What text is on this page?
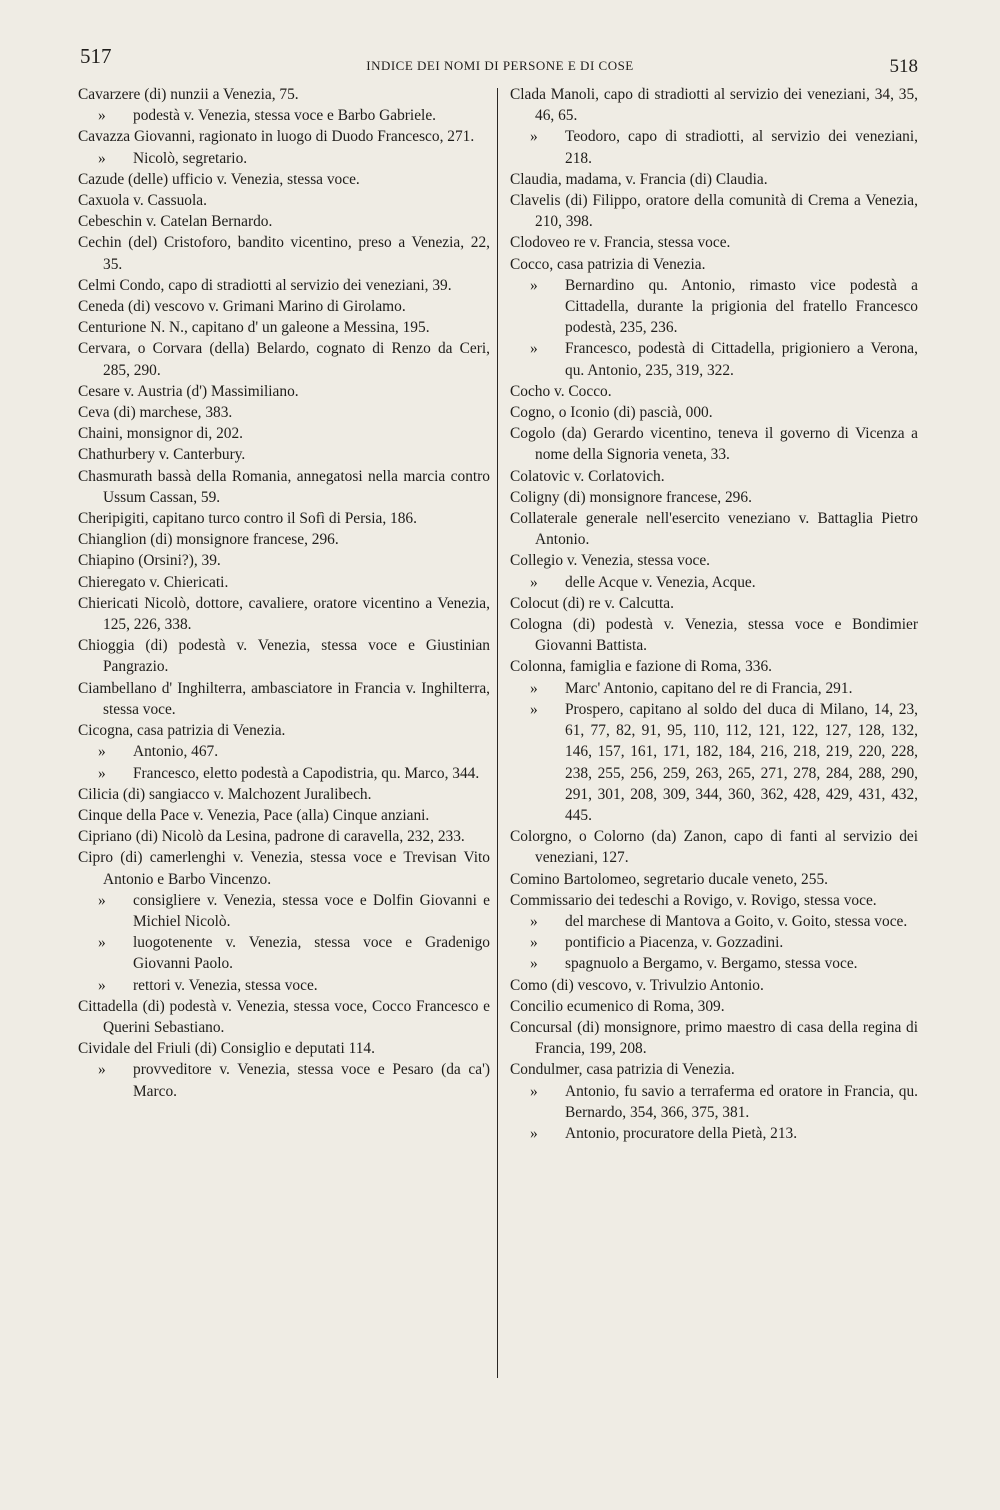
517	INDICE DEI NOMI DI PERSONE E DI COSE	518
Cavarzere (di) nunzii a Venezia, 75.
» podestà v. Venezia, stessa voce e Barbo Gabriele.
Cavazza Giovanni, ragionato in luogo di Duodo Francesco, 271.
» Nicolò, segretario.
Cazude (delle) ufficio v. Venezia, stessa voce.
Caxuola v. Cassuola.
Cebeschin v. Catelan Bernardo.
Cechin (del) Cristoforo, bandito vicentino, preso a Venezia, 22, 35.
Celmi Condo, capo di stradiotti al servizio dei veneziani, 39.
Ceneda (di) vescovo v. Grimani Marino di Girolamo.
Centurione N. N., capitano d' un galeone a Messina, 195.
Cervara, o Corvara (della) Belardo, cognato di Renzo da Ceri, 285, 290.
Cesare v. Austria (d') Massimiliano.
Ceva (di) marchese, 383.
Chaini, monsignor di, 202.
Chathurbery v. Canterbury.
Chasmurath bassà della Romania, annegatosi nella marcia contro Ussum Cassan, 59.
Cheripigiti, capitano turco contro il Sofì di Persia, 186.
Chianglion (di) monsignore francese, 296.
Chiapino (Orsini?), 39.
Chieregato v. Chiericati.
Chiericati Nicolò, dottore, cavaliere, oratore vicentino a Venezia, 125, 226, 338.
Chioggia (di) podestà v. Venezia, stessa voce e Giustinian Pangrazio.
Ciambellano d' Inghilterra, ambasciatore in Francia v. Inghilterra, stessa voce.
Cicogna, casa patrizia di Venezia.
» Antonio, 467.
» Francesco, eletto podestà a Capodistria, qu. Marco, 344.
Cilicia (di) sangiacco v. Malchozent Juralibech.
Cinque della Pace v. Venezia, Pace (alla) Cinque anziani.
Cipriano (di) Nicolò da Lesina, padrone di caravella, 232, 233.
Cipro (di) camerlenghi v. Venezia, stessa voce e Trevisan Vito Antonio e Barbo Vincenzo.
» consigliere v. Venezia, stessa voce e Dolfin Giovanni e Michiel Nicolò.
» luogotenente v. Venezia, stessa voce e Gradenigo Giovanni Paolo.
» rettori v. Venezia, stessa voce.
Cittadella (di) podestà v. Venezia, stessa voce, Cocco Francesco e Querini Sebastiano.
Cividale del Friuli (di) Consiglio e deputati 114.
» provveditore v. Venezia, stessa voce e Pesaro (da ca') Marco.
Clada Manoli, capo di stradiotti al servizio dei veneziani, 34, 35, 46, 65.
» Teodoro, capo di stradiotti, al servizio dei veneziani, 218.
Claudia, madama, v. Francia (di) Claudia.
Clavelis (di) Filippo, oratore della comunità di Crema a Venezia, 210, 398.
Clodoveo re v. Francia, stessa voce.
Cocco, casa patrizia di Venezia.
» Bernardino qu. Antonio, rimasto vice podestà a Cittadella, durante la prigionia del fratello Francesco podestà, 235, 236.
» Francesco, podestà di Cittadella, prigioniero a Verona, qu. Antonio, 235, 319, 322.
Cocho v. Cocco.
Cogno, o Iconio (di) pascià, 000.
Cogolo (da) Gerardo vicentino, teneva il governo di Vicenza a nome della Signoria veneta, 33.
Colatovic v. Corlatovich.
Coligny (di) monsignore francese, 296.
Collaterale generale nell'esercito veneziano v. Battaglia Pietro Antonio.
Collegio v. Venezia, stessa voce.
» delle Acque v. Venezia, Acque.
Colocut (di) re v. Calcutta.
Cologna (di) podestà v. Venezia, stessa voce e Bondimier Giovanni Battista.
Colonna, famiglia e fazione di Roma, 336.
» Marc' Antonio, capitano del re di Francia, 291.
» Prospero, capitano al soldo del duca di Milano, 14, 23, 61, 77, 82, 91, 95, 110, 112, 121, 122, 127, 128, 132, 146, 157, 161, 171, 182, 184, 216, 218, 219, 220, 228, 238, 255, 256, 259, 263, 265, 271, 278, 284, 288, 290, 291, 301, 208, 309, 344, 360, 362, 428, 429, 431, 432, 445.
Colorgno, o Colorno (da) Zanon, capo di fanti al servizio dei veneziani, 127.
Comino Bartolomeo, segretario ducale veneto, 255.
Commissario dei tedeschi a Rovigo, v. Rovigo, stessa voce.
» del marchese di Mantova a Goito, v. Goito, stessa voce.
» pontificio a Piacenza, v. Gozzadini.
» spagnuolo a Bergamo, v. Bergamo, stessa voce.
Como (di) vescovo, v. Trivulzio Antonio.
Concilio ecumenico di Roma, 309.
Concursal (di) monsignore, primo maestro di casa della regina di Francia, 199, 208.
Condulmer, casa patrizia di Venezia.
» Antonio, fu savio a terraferma ed oratore in Francia, qu. Bernardo, 354, 366, 375, 381.
» Antonio, procuratore della Pietà, 213.
